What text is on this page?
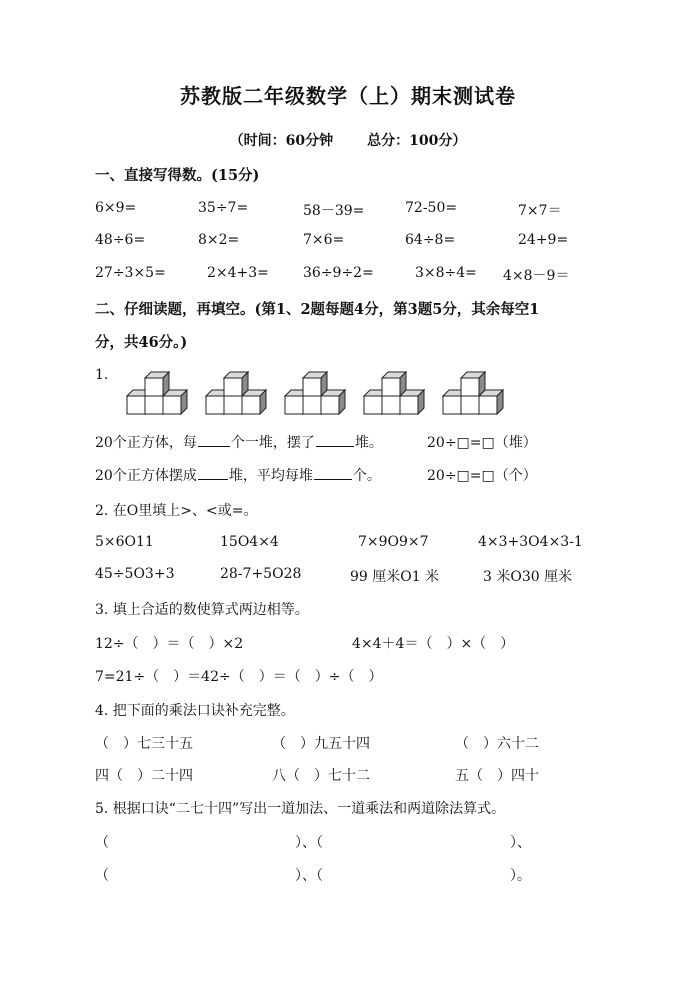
苏教版二年级数学（上）期末测试卷
（时间：60分钟 总分：100分）
一、直接写得数。(15分)
6×9=	35÷7=	58－39=	72-50=	7×7＝
48÷6=	8×2=	7×6=	64÷8=	24+9=
27÷3×5=	2×4+3= 36÷9÷2=	3×8÷4= 4×8－9＝
二、仔细读题，再填空。(第1、2题每题4分，第3题5分，其余每空1
分，共46分。)
1.
20个正方体，每 个一堆，摆了	堆。	20÷□=□（堆）
20个正方体摆成 堆，平均每堆	个。	20÷□=□（个）
2. 在O里填上>、<或=。
5×6O11	15O4×4	7×9O9×7	4×3+3O4×3-1
45÷5O3+3	28-7+5O28	99 厘米O1 米	3 米O30 厘米
3. 填上合适的数使算式两边相等。
12÷（　）＝（　）×2	4×4＋4＝（　）×（　）
7=21÷（　）＝42÷（　）＝（　）÷（　）
4. 把下面的乘法口诀补充完整。
（　）七三十五	（　）九五十四	（　）六十二
四（　）二十四	八（　）七十二	五（　）四十
5. 根据口诀“二七十四”写出一道加法、一道乘法和两道除法算式。
（	）、（	）、
（	）、（	）。
